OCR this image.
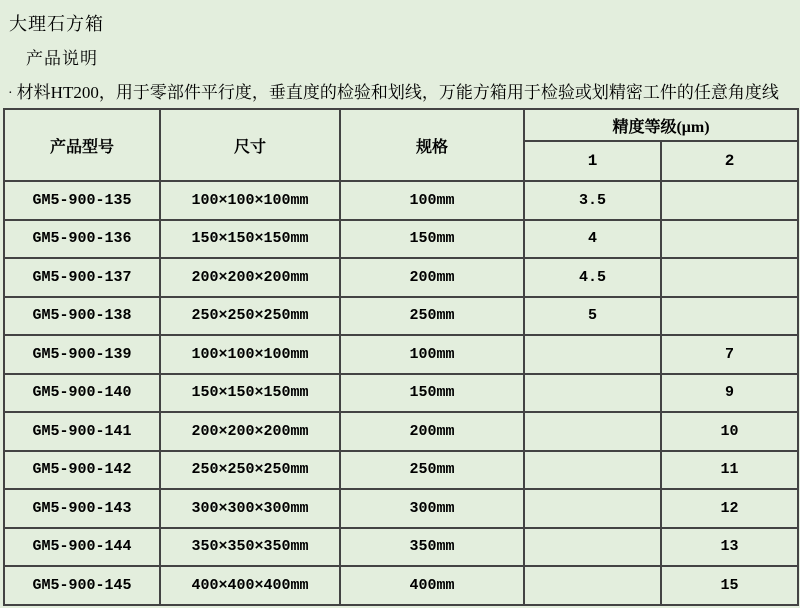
大理石方箱
产品说明
· 材料HT200，用于零部件平行度，垂直度的检验和划线，万能方箱用于检验或划精密工件的任意角度线
产品型号	尺寸	规格	精度等级(μm)	
			1	2
GM5-900-135	100×100×100mm	100mm	3.5	
GM5-900-136	150×150×150mm	150mm	4	
GM5-900-137	200×200×200mm	200mm	4.5	
GM5-900-138	250×250×250mm	250mm	5	
GM5-900-139	100×100×100mm	100mm		7
GM5-900-140	150×150×150mm	150mm		9
GM5-900-141	200×200×200mm	200mm		10
GM5-900-142	250×250×250mm	250mm		11
GM5-900-143	300×300×300mm	300mm		12
GM5-900-144	350×350×350mm	350mm		13
GM5-900-145	400×400×400mm	400mm		15
